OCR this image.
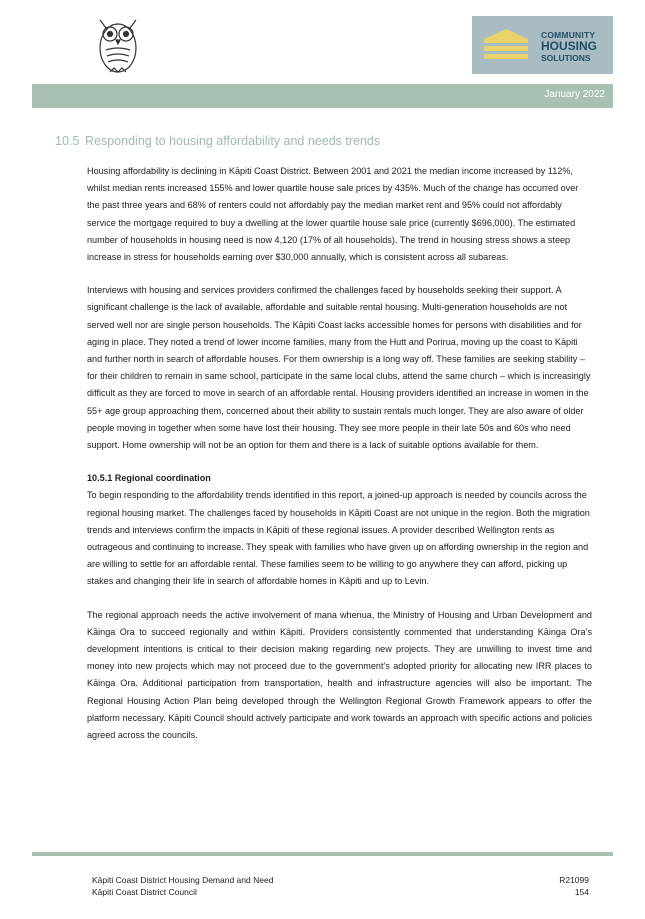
COMMUNITY
HOUSING
SOLUTIONS
January 2022
10.5 Responding to housing affordability and needs trends

Housing affordability is declining in Kāpiti Coast District. Between 2001 and 2021 the median income increased by 112%, whilst median rents increased 155% and lower quartile house sale prices by 435%. Much of the change has occurred over the past three years and 68% of renters could not affordably pay the median market rent and 95% could not affordably service the mortgage required to buy a dwelling at the lower quartile house sale price (currently $696,000). The estimated number of households in housing need is now 4,120 (17% of all households). The trend in housing stress shows a steep increase in stress for households earning over $30,000 annually, which is consistent across all subareas.

Interviews with housing and services providers confirmed the challenges faced by households seeking their support. A significant challenge is the lack of available, affordable and suitable rental housing. Multi-generation households are not served well nor are single person households. The Kāpiti Coast lacks accessible homes for persons with disabilities and for aging in place. They noted a trend of lower income families, many from the Hutt and Porirua, moving up the coast to Kāpiti and further north in search of affordable houses. For them ownership is a long way off. These families are seeking stability – for their children to remain in same school, participate in the same local clubs, attend the same church – which is increasingly difficult as they are forced to move in search of an affordable rental. Housing providers identified an increase in women in the 55+ age group approaching them, concerned about their ability to sustain rentals much longer. They are also aware of older people moving in together when some have lost their housing. They see more people in their late 50s and 60s who need support. Home ownership will not be an option for them and there is a lack of suitable options available for them.

10.5.1 Regional coordination

To begin responding to the affordability trends identified in this report, a joined-up approach is needed by councils across the regional housing market. The challenges faced by households in Kāpiti Coast are not unique in the region. Both the migration trends and interviews confirm the impacts in Kāpiti of these regional issues. A provider described Wellington rents as outrageous and continuing to increase. They speak with families who have given up on affording ownership in the region and are willing to settle for an affordable rental. These families seem to be willing to go anywhere they can afford, picking up stakes and changing their life in search of affordable homes in Kāpiti and up to Levin.

The regional approach needs the active involvement of mana whenua, the Ministry of Housing and Urban Development and Kāinga Ora to succeed regionally and within Kāpiti. Providers consistently commented that understanding Kāinga Ora’s development intentions is critical to their decision making regarding new projects. They are unwilling to invest time and money into new projects which may not proceed due to the government’s adopted priority for allocating new IRR places to Kāinga Ora. Additional participation from transportation, health and infrastructure agencies will also be important. The Regional Housing Action Plan being developed through the Wellington Regional Growth Framework appears to offer the platform necessary. Kāpiti Council should actively participate and work towards an approach with specific actions and policies agreed across the councils.

Kāpiti Coast District Housing Demand and Need	R21099
Kāpiti Coast District Council	154
